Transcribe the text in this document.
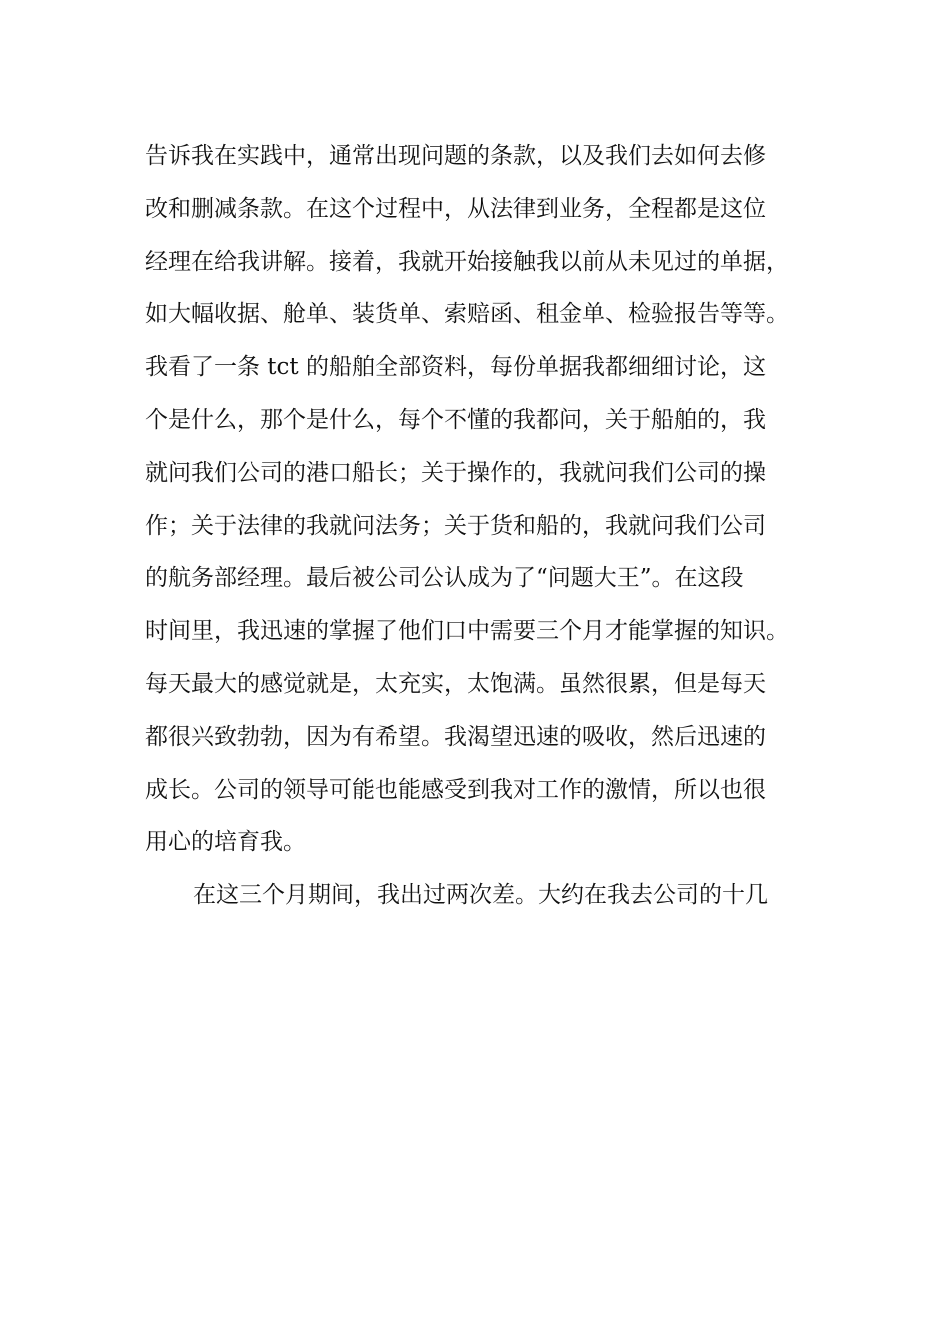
告诉我在实践中，通常出现问题的条款，以及我们去如何去修
改和删减条款。在这个过程中，从法律到业务，全程都是这位
经理在给我讲解。接着，我就开始接触我以前从未见过的单据，
如大幅收据、舱单、装货单、索赔函、租金单、检验报告等等。
我看了一条 tct 的船舶全部资料，每份单据我都细细讨论，这
个是什么，那个是什么，每个不懂的我都问，关于船舶的，我
就问我们公司的港口船长；关于操作的，我就问我们公司的操
作；关于法律的我就问法务；关于货和船的，我就问我们公司
的航务部经理。最后被公司公认成为了“问题大王”。在这段
时间里，我迅速的掌握了他们口中需要三个月才能掌握的知识。
每天最大的感觉就是，太充实，太饱满。虽然很累，但是每天
都很兴致勃勃，因为有希望。我渴望迅速的吸收，然后迅速的
成长。公司的领导可能也能感受到我对工作的激情，所以也很
用心的培育我。
在这三个月期间，我出过两次差。大约在我去公司的十几
